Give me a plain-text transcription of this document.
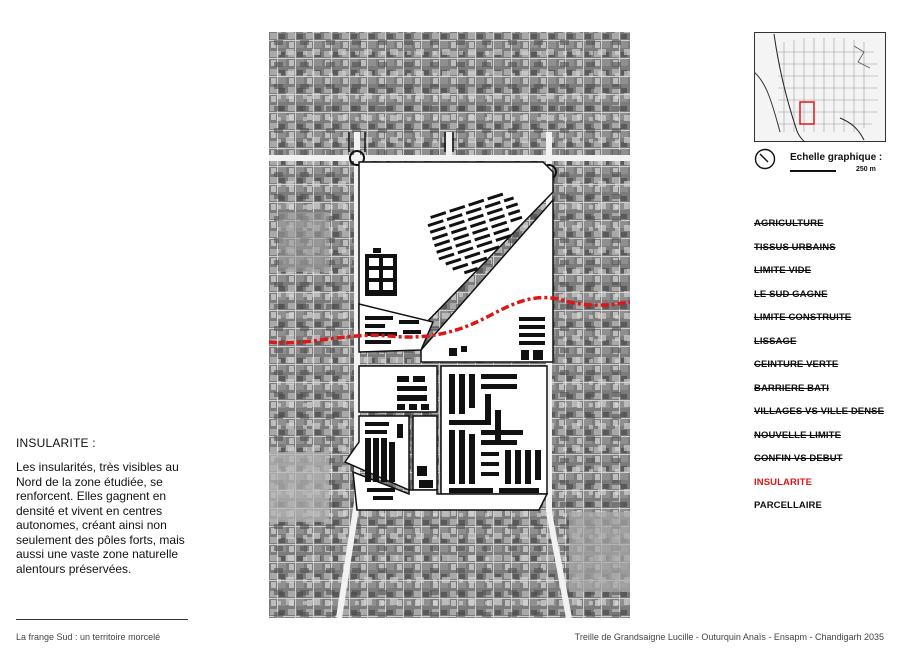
INSULARITE :

Les insularités, très visibles au Nord de la zone étudiée, se renforcent. Elles gagnent en densité et vivent en centres autonomes, créant ainsi non seulement des pôles forts, mais aussi une vaste zone naturelle alentours préservées.

Echelle graphique :
250 m
AGRICULTURE
TISSUS URBAINS
LIMITE VIDE
LE SUD GAGNE
LIMITE CONSTRUITE
LISSAGE
CEINTURE VERTE
BARRIERE BATI
VILLAGES VS VILLE DENSE
NOUVELLE LIMITE
CONFIN VS DEBUT
INSULARITE
PARCELLAIRE
La frange Sud : un territoire morcelé	Treille de Grandsaigne Lucille - Outurquin Anaïs - Ensapm - Chandigarh 2035
